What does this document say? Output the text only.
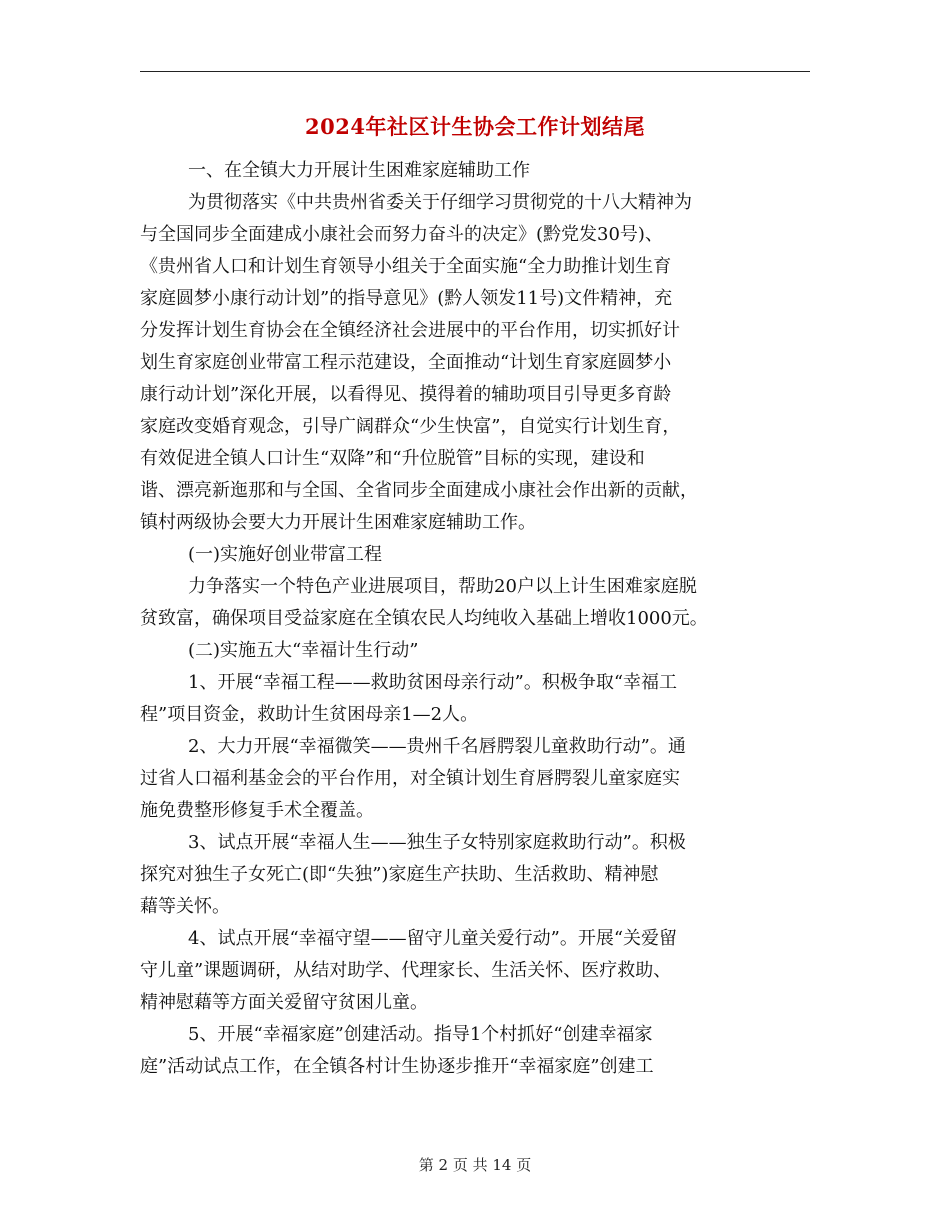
2024年社区计生协会工作计划结尾

一、在全镇大力开展计生困难家庭辅助工作

为贯彻落实《中共贵州省委关于仔细学习贯彻党的十八大精神为
与全国同步全面建成小康社会而努力奋斗的决定》(黔党发30号)、
《贵州省人口和计划生育领导小组关于全面实施“全力助推计划生育
家庭圆梦小康行动计划”的指导意见》(黔人领发11号)文件精神，充
分发挥计划生育协会在全镇经济社会进展中的平台作用，切实抓好计
划生育家庭创业带富工程示范建设，全面推动“计划生育家庭圆梦小
康行动计划”深化开展，以看得见、摸得着的辅助项目引导更多育龄
家庭改变婚育观念，引导广阔群众“少生快富”，自觉实行计划生育，
有效促进全镇人口计生“双降”和“升位脱管”目标的实现，建设和
谐、漂亮新迤那和与全国、全省同步全面建成小康社会作出新的贡献，
镇村两级协会要大力开展计生困难家庭辅助工作。

(一)实施好创业带富工程

力争落实一个特色产业进展项目，帮助20户以上计生困难家庭脱
贫致富，确保项目受益家庭在全镇农民人均纯收入基础上增收1000元。

(二)实施五大“幸福计生行动”

1、开展“幸福工程——救助贫困母亲行动”。积极争取“幸福工
程”项目资金，救助计生贫困母亲1—2人。

2、大力开展“幸福微笑——贵州千名唇腭裂儿童救助行动”。通
过省人口福利基金会的平台作用，对全镇计划生育唇腭裂儿童家庭实
施免费整形修复手术全覆盖。

3、试点开展“幸福人生——独生子女特别家庭救助行动”。积极
探究对独生子女死亡(即“失独”)家庭生产扶助、生活救助、精神慰
藉等关怀。

4、试点开展“幸福守望——留守儿童关爱行动”。开展“关爱留
守儿童”课题调研，从结对助学、代理家长、生活关怀、医疗救助、
精神慰藉等方面关爱留守贫困儿童。

5、开展“幸福家庭”创建活动。指导1个村抓好“创建幸福家
庭”活动试点工作，在全镇各村计生协逐步推开“幸福家庭”创建工

第 2 页 共 14 页
